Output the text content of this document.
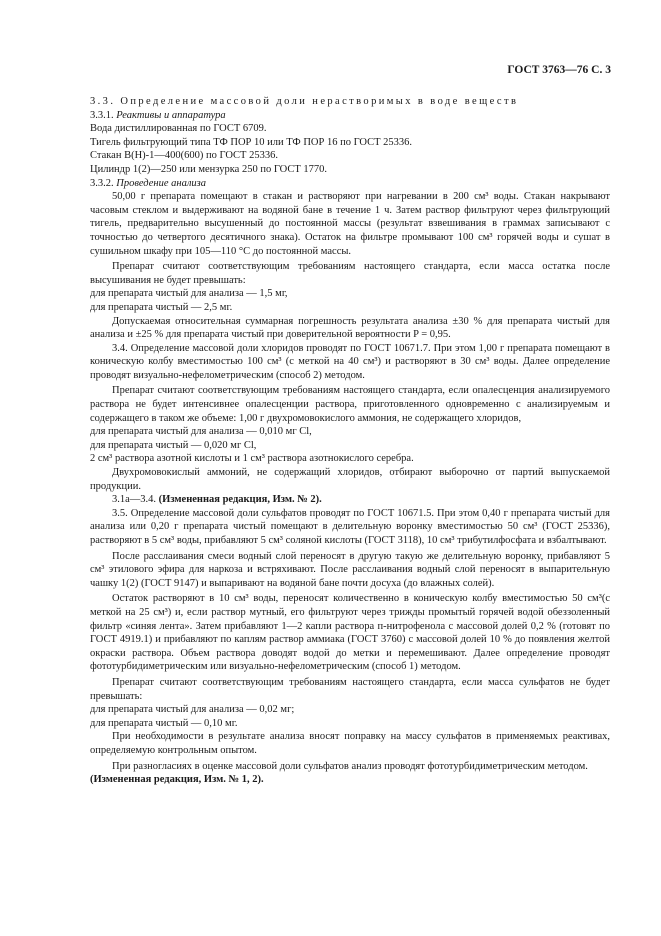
ГОСТ 3763—76 С. 3

3.3. Определение массовой доли нерастворимых в воде веществ

3.3.1. Реактивы и аппаратура

Вода дистиллированная по ГОСТ 6709.

Тигель фильтрующий типа ТФ ПОР 10 или ТФ ПОР 16 по ГОСТ 25336.

Стакан В(Н)-1—400(600) по ГОСТ 25336.

Цилиндр 1(2)—250 или мензурка 250 по ГОСТ 1770.

3.3.2. Проведение анализа

50,00 г препарата помещают в стакан и растворяют при нагревании в 200 см³ воды. Стакан накрывают часовым стеклом и выдерживают на водяной бане в течение 1 ч. Затем раствор фильтруют через фильтрующий тигель, предварительно высушенный до постоянной массы (результат взвешивания в граммах записывают с точностью до четвертого десятичного знака). Остаток на фильтре промывают 100 см³ горячей воды и сушат в сушильном шкафу при 105—110 °С до постоянной массы.

Препарат считают соответствующим требованиям настоящего стандарта, если масса остатка после высушивания не будет превышать:

для препарата чистый для анализа — 1,5 мг,

для препарата чистый — 2,5 мг.

Допускаемая относительная суммарная погрешность результата анализа ±30 % для препарата чистый для анализа и ±25 % для препарата чистый при доверительной вероятности P = 0,95.

3.4. Определение массовой доли хлоридов проводят по ГОСТ 10671.7. При этом 1,00 г препарата помещают в коническую колбу вместимостью 100 см³ (с меткой на 40 см³) и растворяют в 30 см³ воды. Далее определение проводят визуально-нефелометрическим (способ 2) методом.

Препарат считают соответствующим требованиям настоящего стандарта, если опалесценция анализируемого раствора не будет интенсивнее опалесценции раствора, приготовленного одновременно с анализируемым и содержащего в таком же объеме: 1,00 г двухромовокислого аммония, не содержащего хлоридов,

для препарата чистый для анализа — 0,010 мг Cl,

для препарата чистый — 0,020 мг Cl,

2 см³ раствора азотной кислоты и 1 см³ раствора азотнокислого серебра.

Двухромовокислый аммоний, не содержащий хлоридов, отбирают выборочно от партий выпускаемой продукции.

3.1а—3.4. (Измененная редакция, Изм. № 2).

3.5. Определение массовой доли сульфатов проводят по ГОСТ 10671.5. При этом 0,40 г препарата чистый для анализа или 0,20 г препарата чистый помещают в делительную воронку вместимостью 50 см³ (ГОСТ 25336), растворяют в 5 см³ воды, прибавляют 5 см³ соляной кислоты (ГОСТ 3118), 10 см³ трибутилфосфата и взбалтывают.

После расслаивания смеси водный слой переносят в другую такую же делительную воронку, прибавляют 5 см³ этилового эфира для наркоза и встряхивают. После расслаивания водный слой переносят в выпарительную чашку 1(2) (ГОСТ 9147) и выпаривают на водяной бане почти досуха (до влажных солей).

Остаток растворяют в 10 см³ воды, переносят количественно в коническую колбу вместимостью 50 см³(с меткой на 25 см³) и, если раствор мутный, его фильтруют через трижды промытый горячей водой обеззоленный фильтр «синяя лента». Затем прибавляют 1—2 капли раствора п-нитрофенола с массовой долей 0,2 % (готовят по ГОСТ 4919.1) и прибавляют по каплям раствор аммиака (ГОСТ 3760) с массовой долей 10 % до появления желтой окраски раствора. Объем раствора доводят водой до метки и перемешивают. Далее определение проводят фототурбидиметрическим или визуально-нефелометрическим (способ 1) методом.

Препарат считают соответствующим требованиям настоящего стандарта, если масса сульфатов не будет превышать:

для препарата чистый для анализа — 0,02 мг;

для препарата чистый — 0,10 мг.

При необходимости в результате анализа вносят поправку на массу сульфатов в применяемых реактивах, определяемую контрольным опытом.

При разногласиях в оценке массовой доли сульфатов анализ проводят фототурбидиметрическим методом.

(Измененная редакция, Изм. № 1, 2).
